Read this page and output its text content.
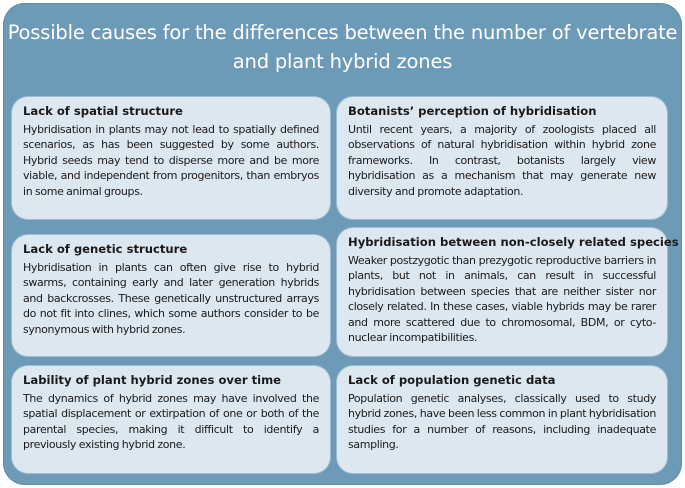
Possible causes for the differences between the number of vertebrate
and plant hybrid zones
Lack of spatial structure

Hybridisation in plants may not lead to spatially defined scenarios, as has been suggested by some authors. Hybrid seeds may tend to disperse more and be more viable, and independent from progenitors, than embryos in some animal groups.

Botanists’ perception of hybridisation

Until recent years, a majority of zoologists placed all observations of natural hybridisation within hybrid zone frameworks. In contrast, botanists largely view hybridisation as a mechanism that may generate new diversity and promote adaptation.

Lack of genetic structure

Hybridisation in plants can often give rise to hybrid swarms, containing early and later generation hybrids and backcrosses. These genetically unstructured arrays do not fit into clines, which some authors consider to be synonymous with hybrid zones.

Hybridisation between non-closely related species

Weaker postzygotic than prezygotic reproductive barriers in plants, but not in animals, can result in successful hybridisation between species that are neither sister nor closely related. In these cases, viable hybrids may be rarer and more scattered due to chromosomal, BDM, or cyto-nuclear incompatibilities.

Lability of plant hybrid zones over time

The dynamics of hybrid zones may have involved the spatial displacement or extirpation of one or both of the parental species, making it difficult to identify a previously existing hybrid zone.

Lack of population genetic data

Population genetic analyses, classically used to study hybrid zones, have been less common in plant hybridisation studies for a number of reasons, including inadequate sampling.
